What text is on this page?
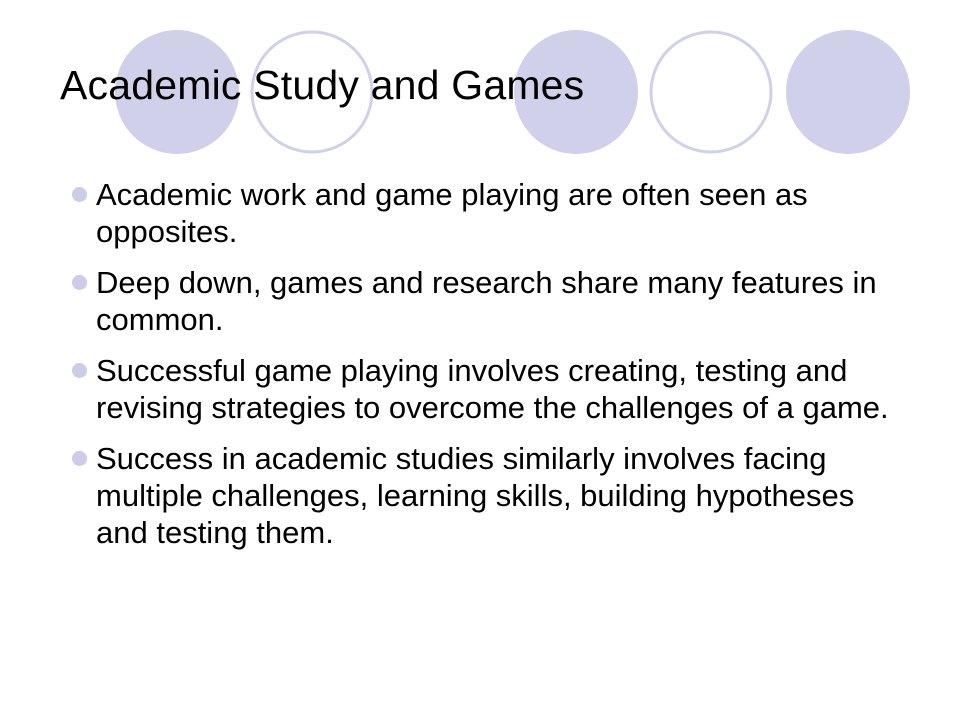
Academic Study and Games
Academic work and game playing are often seen as opposites.
Deep down, games and research share many features in common.
Successful game playing involves creating, testing and revising strategies to overcome the challenges of a game.
Success in academic studies similarly involves facing multiple challenges, learning skills, building hypotheses and testing them.
